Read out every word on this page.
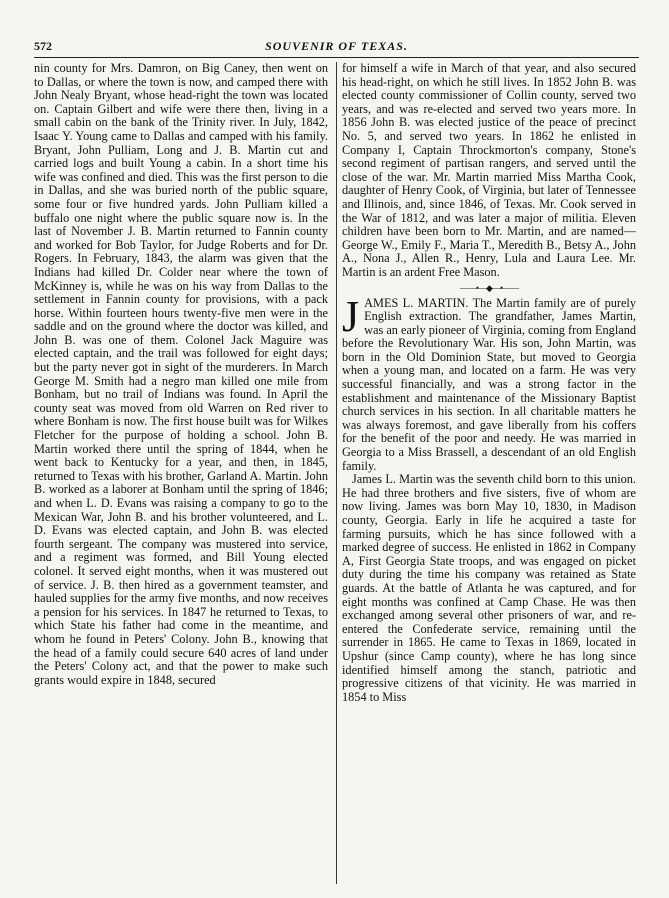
572	SOUVENIR OF TEXAS.

nin county for Mrs. Damron, on Big Caney, then went on to Dallas, or where the town is now, and camped there with John Nealy Bryant, whose head-right the town was located on. Captain Gilbert and wife were there then, living in a small cabin on the bank of the Trinity river. In July, 1842, Isaac Y. Young came to Dallas and camped with his family. Bryant, John Pulliam, Long and J. B. Martin cut and carried logs and built Young a cabin. In a short time his wife was confined and died. This was the first person to die in Dallas, and she was buried north of the public square, some four or five hundred yards. John Pulliam killed a buffalo one night where the public square now is. In the last of November J. B. Martin returned to Fannin county and worked for Bob Taylor, for Judge Roberts and for Dr. Rogers. In February, 1843, the alarm was given that the Indians had killed Dr. Colder near where the town of McKinney is, while he was on his way from Dallas to the settlement in Fannin county for provisions, with a pack horse. Within fourteen hours twenty-five men were in the saddle and on the ground where the doctor was killed, and John B. was one of them. Colonel Jack Maguire was elected captain, and the trail was followed for eight days; but the party never got in sight of the murderers. In March George M. Smith had a negro man killed one mile from Bonham, but no trail of Indians was found. In April the county seat was moved from old Warren on Red river to where Bonham is now. The first house built was for Wilkes Fletcher for the purpose of holding a school. John B. Martin worked there until the spring of 1844, when he went back to Kentucky for a year, and then, in 1845, returned to Texas with his brother, Garland A. Martin. John B. worked as a laborer at Bonham until the spring of 1846; and when L. D. Evans was raising a company to go to the Mexican War, John B. and his brother volunteered, and L. D. Evans was elected captain, and John B. was elected fourth sergeant. The company was mustered into service, and a regiment was formed, and Bill Young elected colonel. It served eight months, when it was mustered out of service. J. B. then hired as a government teamster, and hauled supplies for the army five months, and now receives a pension for his services. In 1847 he returned to Texas, to which State his father had come in the meantime, and whom he found in Peters' Colony. John B., knowing that the head of a family could secure 640 acres of land under the Peters' Colony act, and that the power to make such grants would expire in 1848, secured

for himself a wife in March of that year, and also secured his head-right, on which he still lives. In 1852 John B. was elected county commissioner of Collin county, served two years, and was re-elected and served two years more. In 1856 John B. was elected justice of the peace of precinct No. 5, and served two years. In 1862 he enlisted in Company I, Captain Throckmorton's company, Stone's second regiment of partisan rangers, and served until the close of the war. Mr. Martin married Miss Martha Cook, daughter of Henry Cook, of Virginia, but later of Tennessee and Illinois, and, since 1846, of Texas. Mr. Cook served in the War of 1812, and was later a major of militia. Eleven children have been born to Mr. Martin, and are named—George W., Emily F., Maria T., Meredith B., Betsy A., John A., Nona J., Allen R., Henry, Lula and Laura Lee. Mr. Martin is an ardent Free Mason.

——•—◆—•——

JAMES L. MARTIN. The Martin family are of purely English extraction. The grandfather, James Martin, was an early pioneer of Virginia, coming from England before the Revolutionary War. His son, John Martin, was born in the Old Dominion State, but moved to Georgia when a young man, and located on a farm. He was very successful financially, and was a strong factor in the establishment and maintenance of the Missionary Baptist church services in his section. In all charitable matters he was always foremost, and gave liberally from his coffers for the benefit of the poor and needy. He was married in Georgia to a Miss Brassell, a descendant of an old English family.

James L. Martin was the seventh child born to this union. He had three brothers and five sisters, five of whom are now living. James was born May 10, 1830, in Madison county, Georgia. Early in life he acquired a taste for farming pursuits, which he has since followed with a marked degree of success. He enlisted in 1862 in Company A, First Georgia State troops, and was engaged on picket duty during the time his company was retained as State guards. At the battle of Atlanta he was captured, and for eight months was confined at Camp Chase. He was then exchanged among several other prisoners of war, and re-entered the Confederate service, remaining until the surrender in 1865. He came to Texas in 1869, located in Upshur (since Camp county), where he has long since identified himself among the stanch, patriotic and progressive citizens of that vicinity. He was married in 1854 to Miss
